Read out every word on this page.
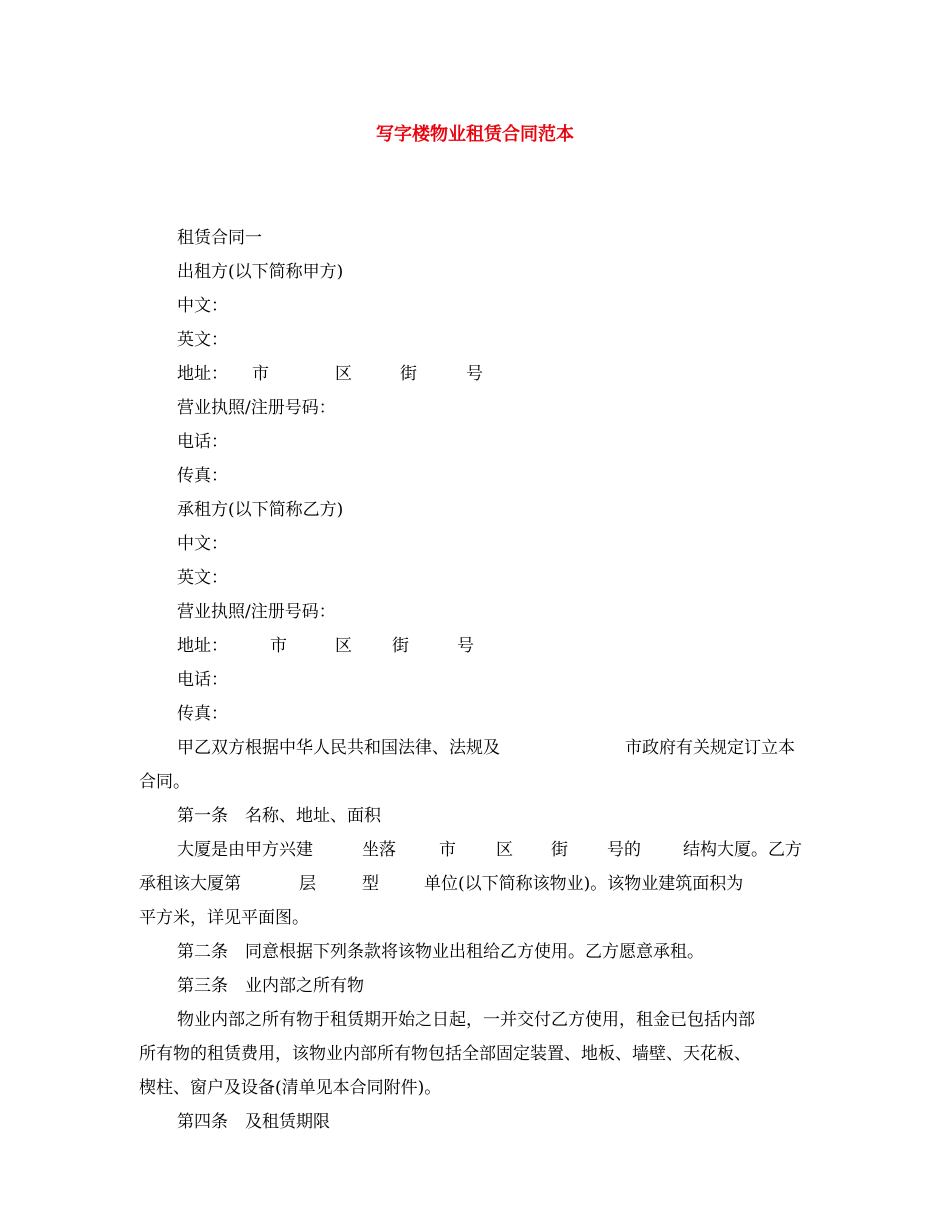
写字楼物业租赁合同范本
租赁合同一
出租方(以下简称甲方)
中文：
英文：
地址： 市	区	街	号
营业执照/注册号码：
电话：
传真：
承租方(以下简称乙方)
中文：
英文：
营业执照/注册号码：
地址： 市	区 街	号
电话：
传真：
甲乙双方根据中华人民共和国法律、法规及	市政府有关规定订立本
合同。
第一条　名称、地址、面积
大厦是由甲方兴建	坐落	市 区 街 号的 结构大厦。乙方
承租该大厦第	层	型	单位(以下简称该物业)。该物业建筑面积为
平方米，详见平面图。
第二条　同意根据下列条款将该物业出租给乙方使用。乙方愿意承租。
第三条　业内部之所有物
物业内部之所有物于租赁期开始之日起，一并交付乙方使用，租金已包括内部
所有物的租赁费用，该物业内部所有物包括全部固定装置、地板、墙壁、天花板、
楔柱、窗户及设备(清单见本合同附件)。
第四条　及租赁期限
